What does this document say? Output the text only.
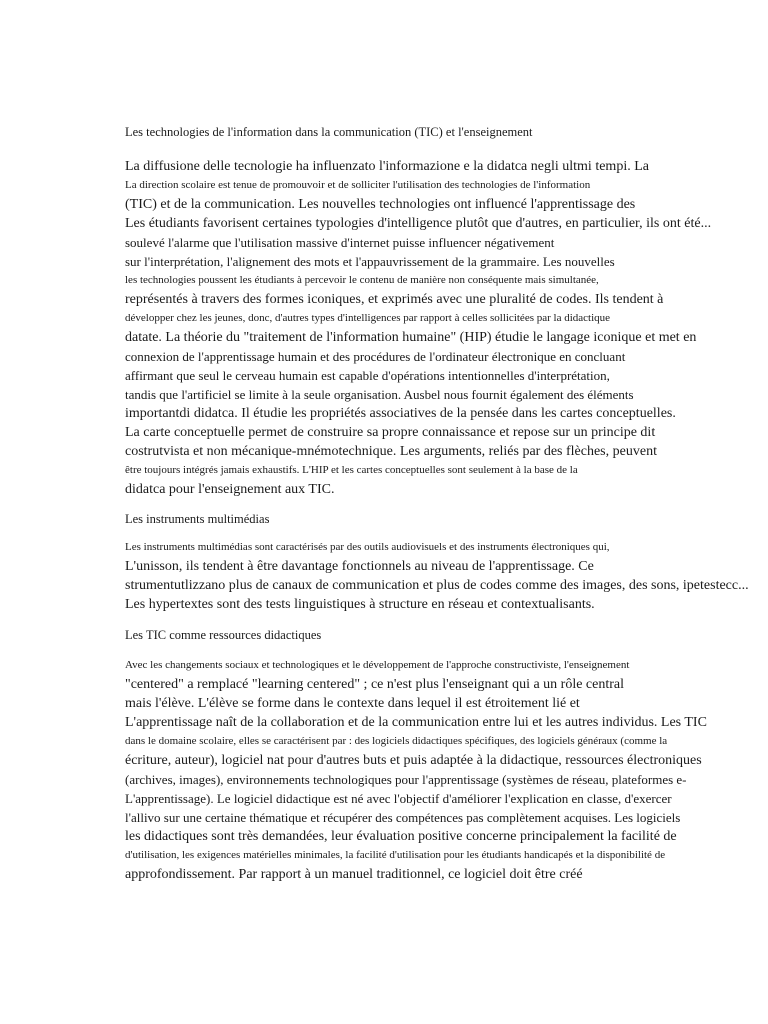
Les technologies de l'information dans la communication (TIC) et l'enseignement
La diffusione delle tecnologie ha influenzato l'informazione e la didatca negli ultmi tempi. La
La direction scolaire est tenue de promouvoir et de solliciter l'utilisation des technologies de l'information
(TIC) et de la communication. Les nouvelles technologies ont influencé l'apprentissage des
Les étudiants favorisent certaines typologies d'intelligence plutôt que d'autres, en particulier, ils ont été...
soulevé l'alarme que l'utilisation massive d'internet puisse influencer négativement
sur l'interprétation, l'alignement des mots et l'appauvrissement de la grammaire. Les nouvelles
les technologies poussent les étudiants à percevoir le contenu de manière non conséquente mais simultanée,
représentés à travers des formes iconiques, et exprimés avec une pluralité de codes. Ils tendent à
développer chez les jeunes, donc, d'autres types d'intelligences par rapport à celles sollicitées par la didactique
datate. La théorie du "traitement de l'information humaine" (HIP) étudie le langage iconique et met en
connexion de l'apprentissage humain et des procédures de l'ordinateur électronique en concluant
affirmant que seul le cerveau humain est capable d'opérations intentionnelles d'interprétation,
tandis que l'artificiel se limite à la seule organisation. Ausbel nous fournit également des éléments
importantdi didatca. Il étudie les propriétés associatives de la pensée dans les cartes conceptuelles.
La carte conceptuelle permet de construire sa propre connaissance et repose sur un principe dit
costrutvista et non mécanique-mnémotechnique. Les arguments, reliés par des flèches, peuvent
être toujours intégrés jamais exhaustifs. L'HIP et les cartes conceptuelles sont seulement à la base de la
didatca pour l'enseignement aux TIC.
Les instruments multimédias
Les instruments multimédias sont caractérisés par des outils audiovisuels et des instruments électroniques qui,
L'unisson, ils tendent à être davantage fonctionnels au niveau de l'apprentissage. Ce
strumentutlizzano plus de canaux de communication et plus de codes comme des images, des sons, ipetestecc...
Les hypertextes sont des tests linguistiques à structure en réseau et contextualisants.
Les TIC comme ressources didactiques
Avec les changements sociaux et technologiques et le développement de l'approche constructiviste, l'enseignement
"centered" a remplacé "learning centered" ; ce n'est plus l'enseignant qui a un rôle central
mais l'élève. L'élève se forme dans le contexte dans lequel il est étroitement lié et
L'apprentissage naît de la collaboration et de la communication entre lui et les autres individus. Les TIC
dans le domaine scolaire, elles se caractérisent par : des logiciels didactiques spécifiques, des logiciels généraux (comme la
écriture, auteur), logiciel nat pour d'autres buts et puis adaptée à la didactique, ressources électroniques
(archives, images), environnements technologiques pour l'apprentissage (systèmes de réseau, plateformes e-
L'apprentissage). Le logiciel didactique est né avec l'objectif d'améliorer l'explication en classe, d'exercer
l'allivo sur une certaine thématique et récupérer des compétences pas complètement acquises. Les logiciels
les didactiques sont très demandées, leur évaluation positive concerne principalement la facilité de
d'utilisation, les exigences matérielles minimales, la facilité d'utilisation pour les étudiants handicapés et la disponibilité de
approfondissement. Par rapport à un manuel traditionnel, ce logiciel doit être créé
